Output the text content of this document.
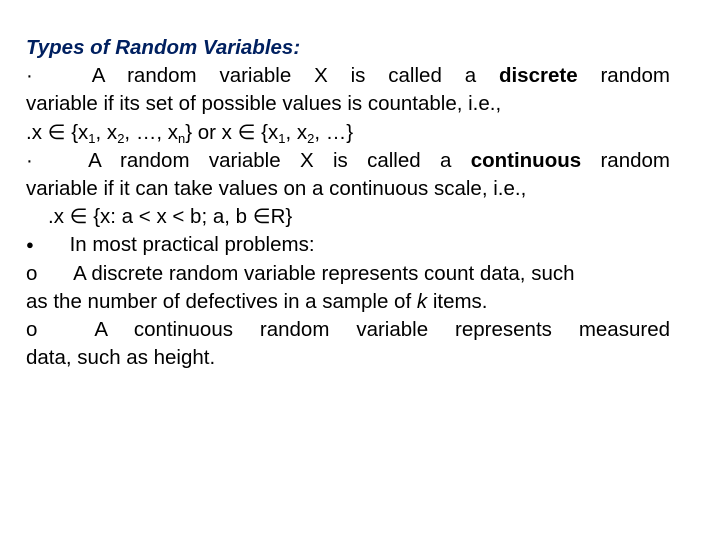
Types of Random Variables:
·	A random variable X is called a discrete random
variable if its set of possible values is countable, i.e.,
.x ∈ {$x_1$, $x_2$, …, $x_n$} or x ∈ {$x_1$, $x_2$, …}
·	A random variable X is called a continuous random
variable if it can take values on a continuous scale, i.e.,
.x ∈ {x: a < x < b; a, b ∈R}
● In most practical problems:
o A discrete random variable represents count data, such
as the number of defectives in a sample of k items.
o	A continuous random variable represents measured
data, such as height.
